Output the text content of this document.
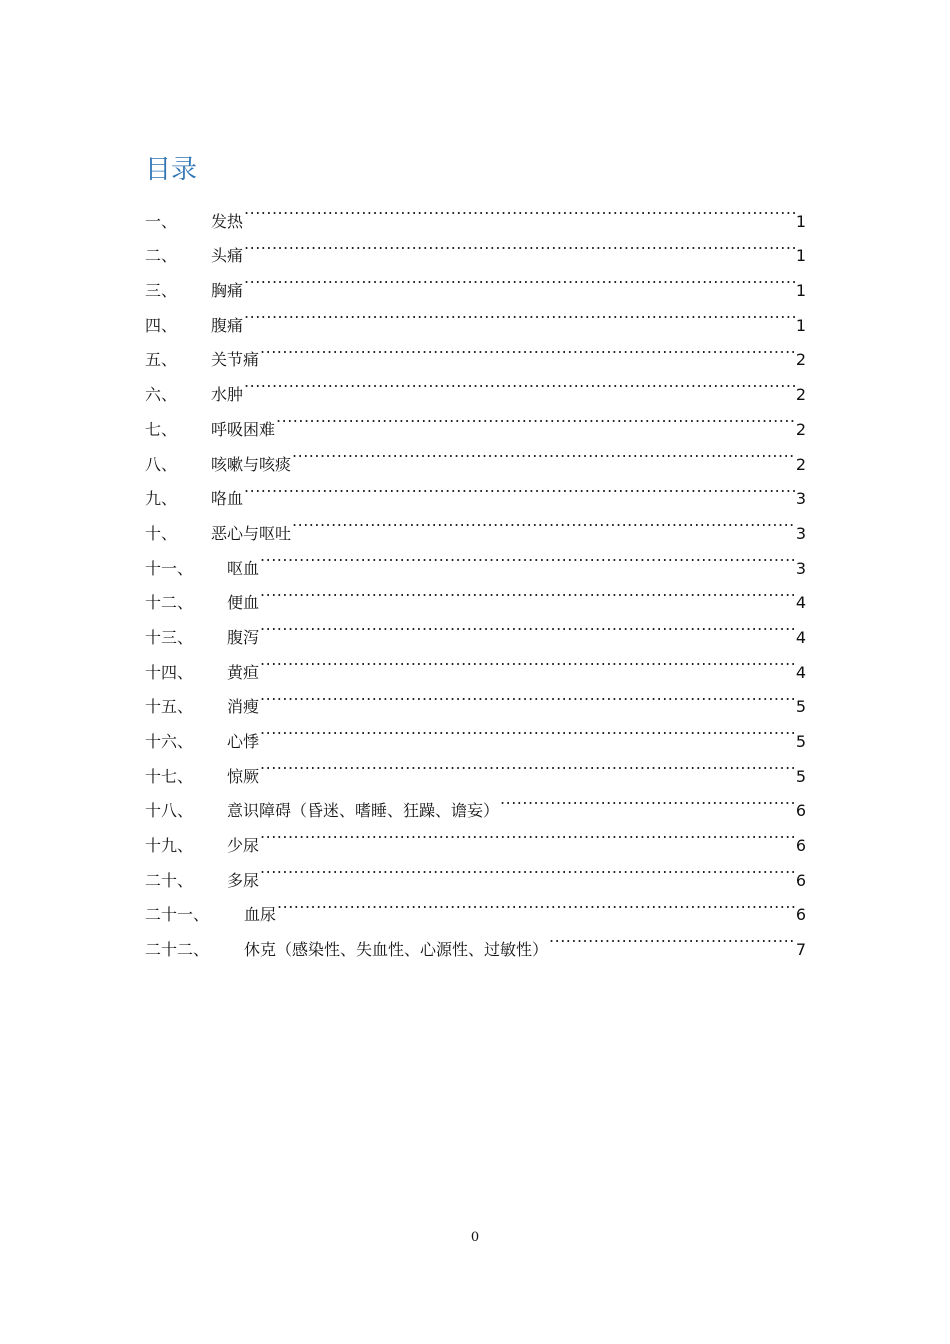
目录
一、	发热 .....	1
二、	头痛 .....	1
三、	胸痛 .....	1
四、	腹痛 .....	1
五、	关节痛 .....	2
六、	水肿 .....	2
七、	呼吸困难 .....	2
八、	咳嗽与咳痰 .....	2
九、	咯血 .....	3
十、	恶心与呕吐 .....	3
十一、	呕血 .....	3
十二、	便血 .....	4
十三、	腹泻 .....	4
十四、	黄疸 .....	4
十五、	消瘦 .....	5
十六、	心悸 .....	5
十七、	惊厥 .....	5
十八、	意识障碍（昏迷、嗜睡、狂躁、谵妄） .....	6
十九、	少尿 .....	6
二十、	多尿 .....	6
二十一、	血尿 .....	6
二十二、	休克（感染性、失血性、心源性、过敏性） .....	7
0
